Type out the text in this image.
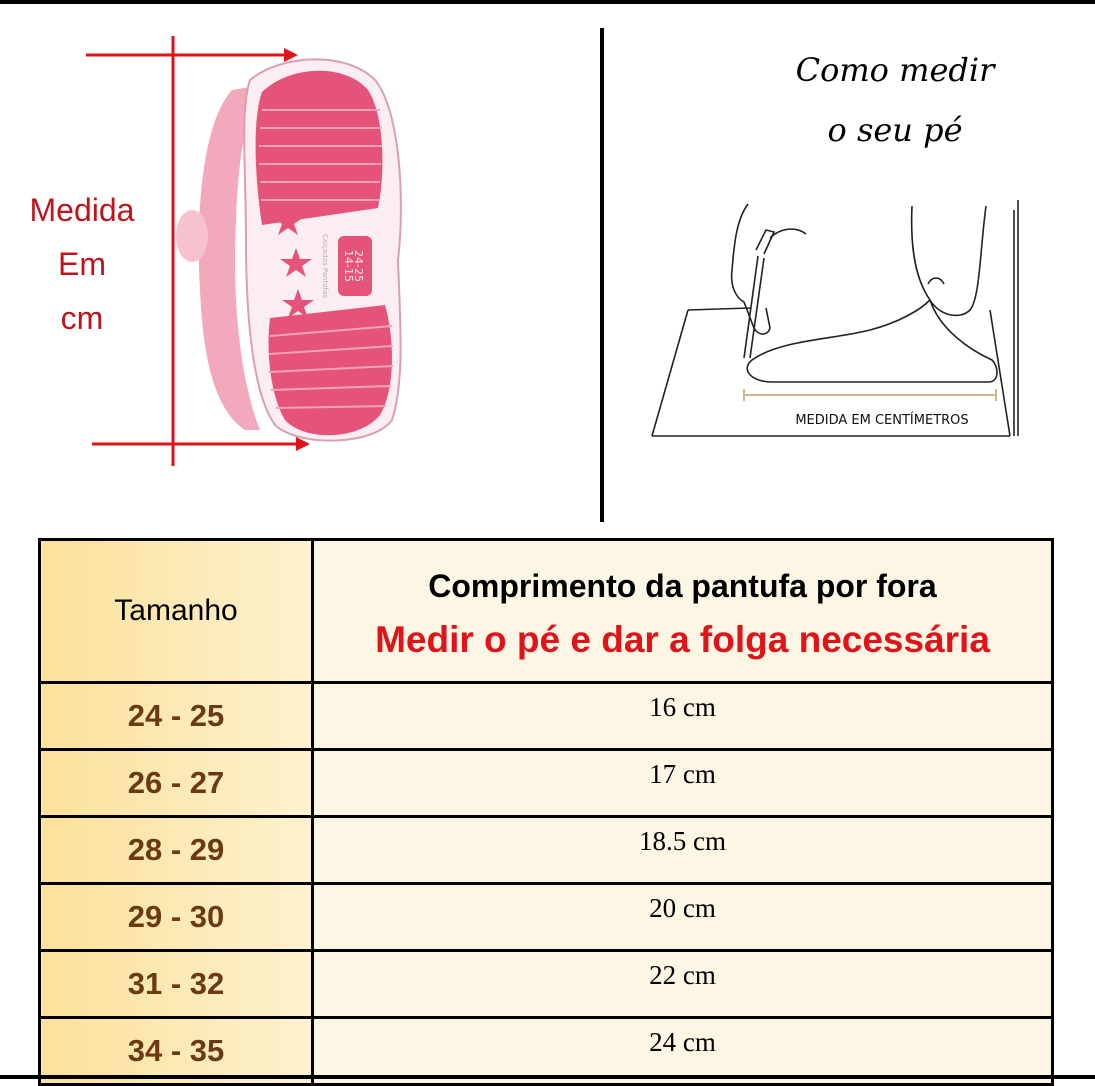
24-25
14-15
Calçados Pantufas
Medida
Em
cm
Como medir
o seu pé
MEDIDA EM CENTÍMETROS
Tamanho	Comprimento da pantufa por fora
Medir o pé e dar a folga necessária

24 - 25	16 cm
26 - 27	17 cm
28 - 29	18.5 cm
29 - 30	20 cm
31 - 32	22 cm
34 - 35	24 cm
